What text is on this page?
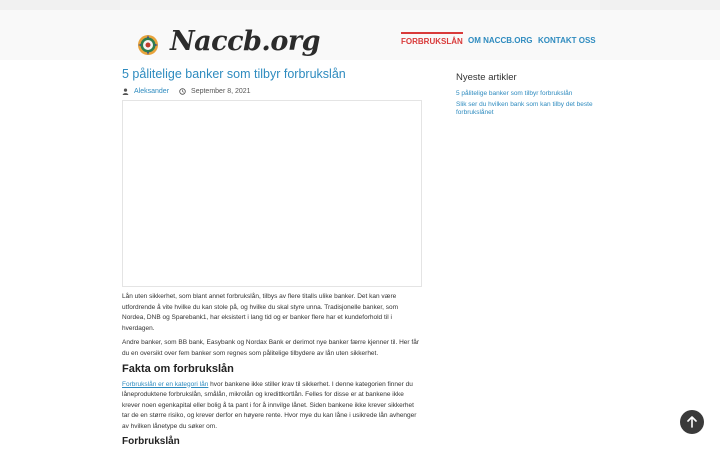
Naccb.org	FORBRUKSLÅN OM NACCB.ORG KONTAKT OSS
5 pålitelige banker som tilbyr forbrukslån
Aleksander	September 8, 2021

Lån uten sikkerhet, som blant annet forbrukslån, tilbys av flere titalls ulike banker. Det kan være utfordrende å vite hvilke du kan stole på, og hvilke du skal styre unna. Tradisjonelle banker, som Nordea, DNB og Sparebank1, har eksistert i lang tid og er banker flere har et kundeforhold til i hverdagen.

Andre banker, som BB bank, Easybank og Nordax Bank er derimot nye banker færre kjenner til. Her får du en oversikt over fem banker som regnes som pålitelige tilbydere av lån uten sikkerhet.

Fakta om forbrukslån

Forbrukslån er en kategori lån hvor bankene ikke stiller krav til sikkerhet. I denne kategorien finner du låneproduktene forbrukslån, smålån, mikrolån og kredittkortlån. Felles for disse er at bankene ikke krever noen egenkapital eller bolig å ta pant i for å innvilge lånet. Siden bankene ikke krever sikkerhet tar de en større risiko, og krever derfor en høyere rente. Hvor mye du kan låne i usikrede lån avhenger av hvilken lånetype du søker om.

Forbrukslån
Nyeste artikler
5 pålitelige banker som tilbyr forbrukslån
Slik ser du hvilken bank som kan tilby det beste forbrukslånet
